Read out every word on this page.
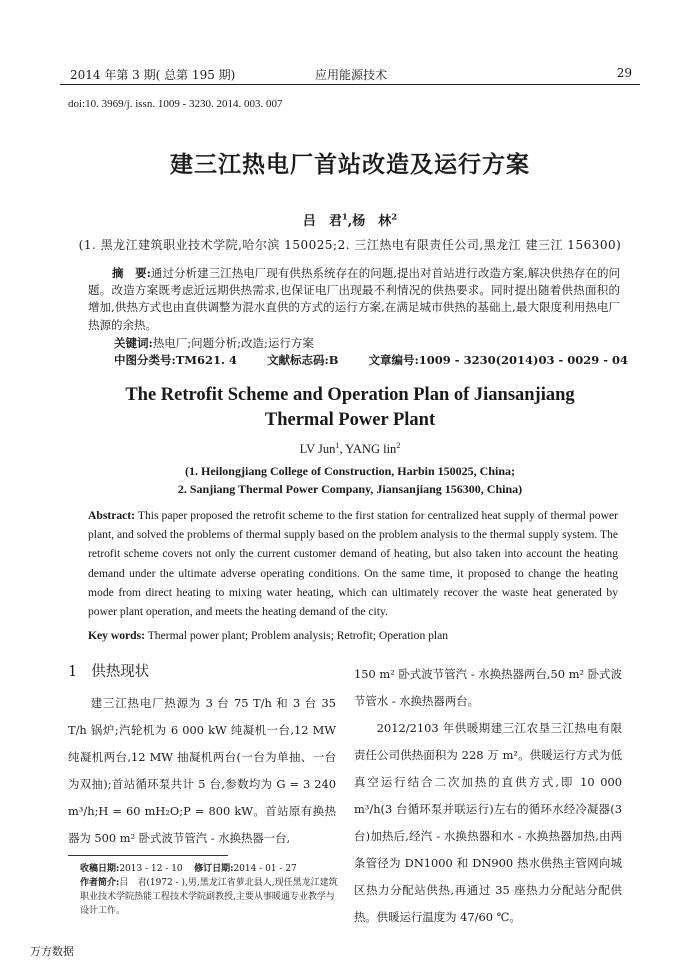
2014 年第 3 期( 总第 195 期)	应用能源技术	29
doi:10. 3969/j. issn. 1009 - 3230. 2014. 003. 007
建三江热电厂首站改造及运行方案
吕　君$^1$,杨　林$^2$
(1. 黑龙江建筑职业技术学院,哈尔滨 150025;2. 三江热电有限责任公司,黑龙江 建三江 156300)
摘　要:通过分析建三江热电厂现有供热系统存在的问题,提出对首站进行改造方案,解决供热存在的问题。改造方案既考虑近远期供热需求,也保证电厂出现最不利情况的供热要求。同时提出随着供热面积的增加,供热方式也由直供调整为混水直供的方式的运行方案,在满足城市供热的基础上,最大限度利用热电厂热源的余热。
关键词:热电厂;问题分析;改造;运行方案
中图分类号:TM621. 4	文献标志码:B	文章编号:1009 - 3230(2014)03 - 0029 - 04
The Retrofit Scheme and Operation Plan of Jiansanjiang
Thermal Power Plant
LV Jun$^1$, YANG lin$^2$
(1. Heilongjiang College of Construction, Harbin 150025, China;
2. Sanjiang Thermal Power Company, Jiansanjiang 156300, China)
Abstract: This paper proposed the retrofit scheme to the first station for centralized heat supply of thermal power plant, and solved the problems of thermal supply based on the problem analysis to the thermal supply system. The retrofit scheme covers not only the current customer demand of heating, but also taken into account the heating demand under the ultimate adverse operating conditions. On the same time, it proposed to change the heating mode from direct heating to mixing water heating, which can ultimately recover the waste heat generated by power plant operation, and meets the heating demand of the city.
Key words: Thermal power plant; Problem analysis; Retrofit; Operation plan
1 供热现状
建三江热电厂热源为 3 台 75 T/h 和 3 台 35 T/h 锅炉;汽轮机为 6 000 kW 纯凝机一台,12 MW 纯凝机两台,12 MW 抽凝机两台(一台为单抽、一台为双抽);首站循环泵共计 5 台,参数均为 G = 3 240 m³/h;H = 60 mH₂O;P = 800 kW。首站原有换热器为 500 m² 卧式波节管汽 - 水换热器一台,
150 m² 卧式波节管汽 - 水换热器两台,50 m² 卧式波节管水 - 水换热器两台。
2012/2103 年供暖期建三江农垦三江热电有限责任公司供热面积为 228 万 m²。供暖运行方式为低真空运行结合二次加热的直供方式,即 10 000 m³/h(3 台循环泵并联运行)左右的循环水经冷凝器(3 台)加热后,经汽 - 水换热器和水 - 水换热器加热,由两条管径为 DN1000 和 DN900 热水供热主管网向城区热力分配站供热,再通过 35 座热力分配站分配供热。供暖运行温度为 47/60 ℃。
收稿日期:2013 - 12 - 10 修订日期:2014 - 01 - 27
作者简介:吕　君(1972 - ),男,黑龙江省萝北县人,现任黑龙江建筑职业技术学院热能工程技术学院副教授,主要从事暖通专业教学与设计工作。
万方数据
